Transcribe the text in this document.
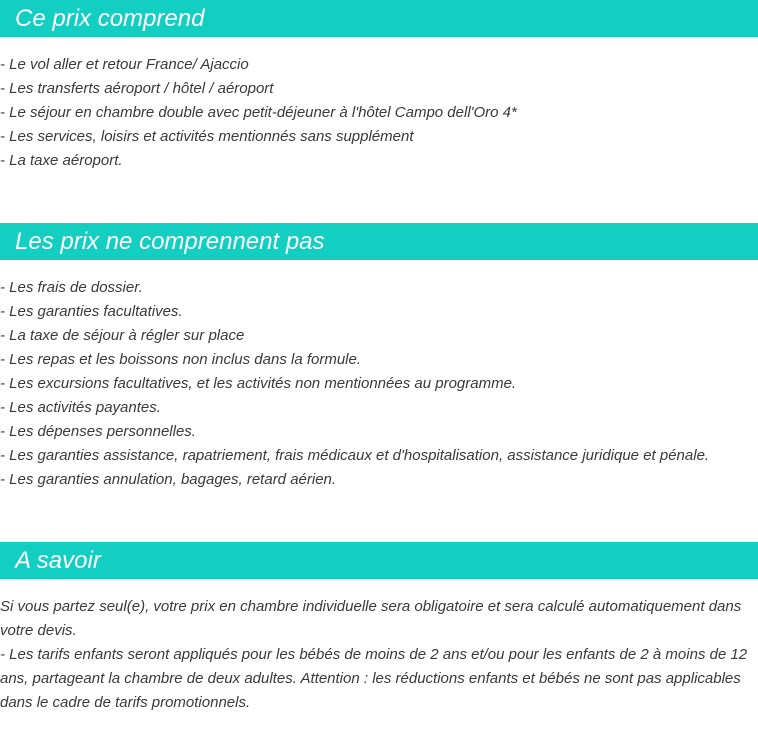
Ce prix comprend
- Le vol aller et retour France/ Ajaccio
- Les transferts aéroport / hôtel / aéroport
- Le séjour en chambre double avec petit-déjeuner à l'hôtel Campo dell'Oro 4*
- Les services, loisirs et activités mentionnés sans supplément
- La taxe aéroport.
Les prix ne comprennent pas
- Les frais de dossier.
- Les garanties facultatives.
- La taxe de séjour à régler sur place
- Les repas et les boissons non inclus dans la formule.
- Les excursions facultatives, et les activités non mentionnées au programme.
- Les activités payantes.
- Les dépenses personnelles.
- Les garanties assistance, rapatriement, frais médicaux et d'hospitalisation, assistance juridique et pénale.
- Les garanties annulation, bagages, retard aérien.
A savoir

Si vous partez seul(e), votre prix en chambre individuelle sera obligatoire et sera calculé automatiquement dans votre devis.

- Les tarifs enfants seront appliqués pour les bébés de moins de 2 ans et/ou pour les enfants de 2 à moins de 12 ans, partageant la chambre de deux adultes. Attention : les réductions enfants et bébés ne sont pas applicables dans le cadre de tarifs promotionnels.
